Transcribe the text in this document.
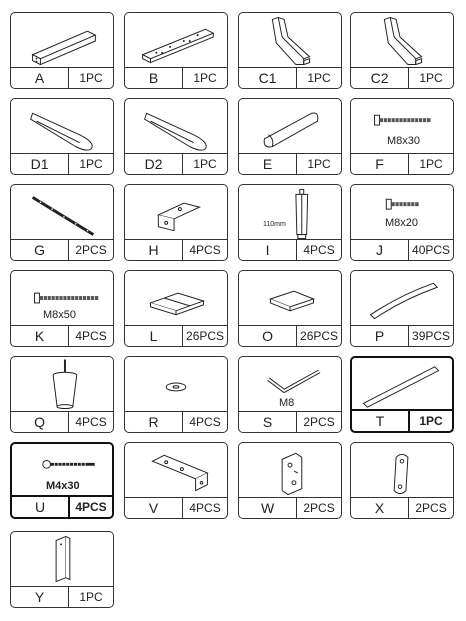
A	1PC	B	1PC	C1	1PC	C2	1PC
D1	1PC	D2	1PC	E	1PC
M8x30
F	1PC
G	2PCS	H	4PCS
110mm
I	4PCS
M8x20
J	40PCS
M8x50
K	4PCS	L	26PCS	O	26PCS	P	39PCS
Q	4PCS	R	4PCS
M8
S	2PCS	T	1PC
M4x30
U	4PCS	V	4PCS	W	2PCS	X	2PCS
Y	1PC
